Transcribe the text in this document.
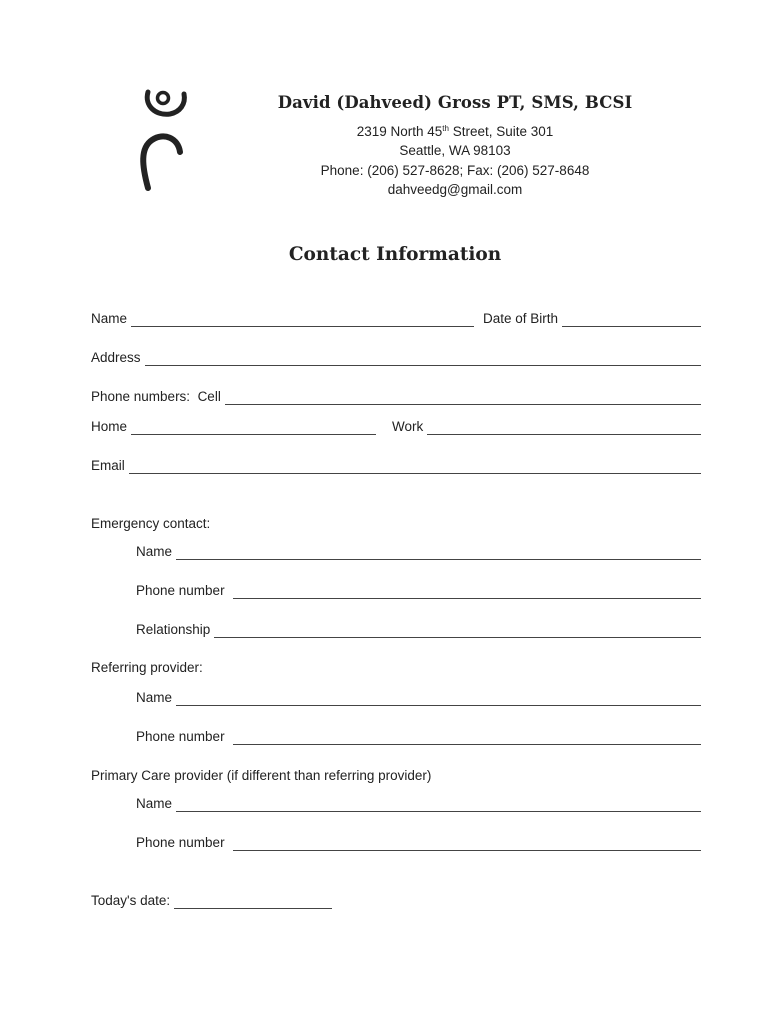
David (Dahveed) Gross PT, SMS, BCSI
2319 North 45th Street, Suite 301
Seattle, WA 98103
Phone: (206) 527-8628; Fax: (206) 527-8648
dahveedg@gmail.com
Contact Information
Name	Date of Birth
Address
Phone numbers:  Cell
Home	Work
Email
Emergency contact:
Name
Phone number
Relationship
Referring provider:
Name
Phone number
Primary Care provider (if different than referring provider)
Name
Phone number
Today's date:
